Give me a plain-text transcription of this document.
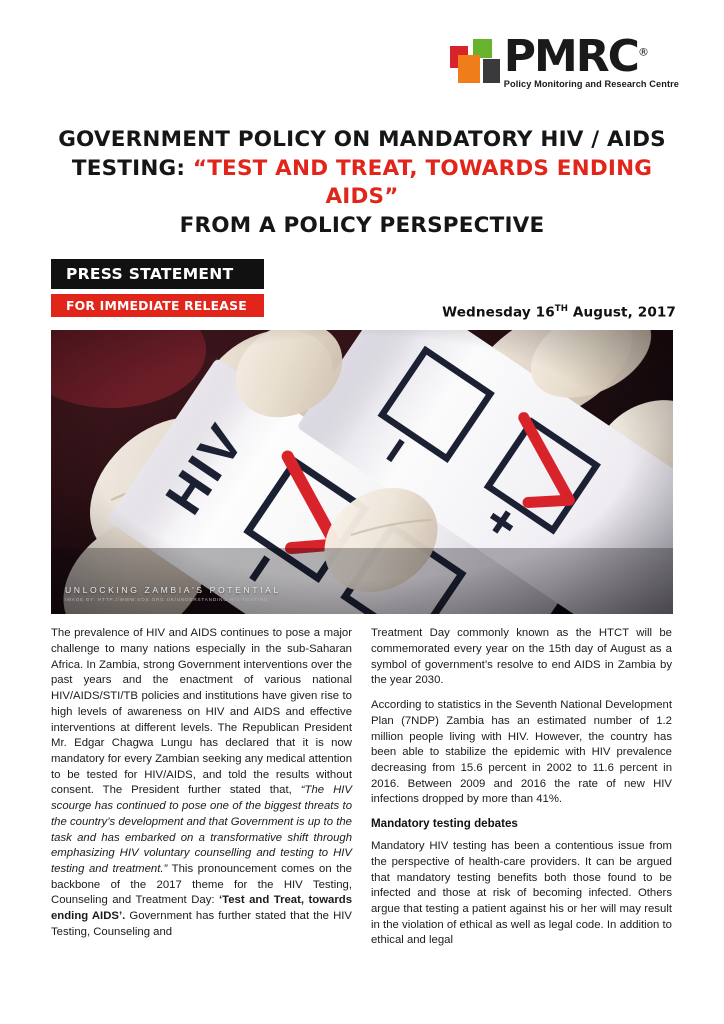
PMRC®
Policy Monitoring and Research Centre
GOVERNMENT POLICY ON MANDATORY HIV / AIDS
TESTING: “TEST AND TREAT, TOWARDS ENDING AIDS”
FROM A POLICY PERSPECTIVE
PRESS STATEMENT
FOR IMMEDIATE RELEASE	Wednesday 16TH August, 2017
UNLOCKING ZAMBIA'S POTENTIAL
IMAGE BY: HTTP://WWW.SOS.ORG.UK/UNDERSTANDING-HIV-TESTING

The prevalence of HIV and AIDS continues to pose a major challenge to many nations especially in the sub-Saharan Africa. In Zambia, strong Government interventions over the past years and the enactment of various national HIV/AIDS/STI/TB policies and institutions have given rise to high levels of awareness on HIV and AIDS and effective interventions at different levels. The Republican President Mr. Edgar Chagwa Lungu has declared that it is now mandatory for every Zambian seeking any medical attention to be tested for HIV/AIDS, and told the results without consent. The President further stated that, “The HIV scourge has continued to pose one of the biggest threats to the country’s development and that Government is up to the task and has embarked on a transformative shift through emphasizing HIV voluntary counselling and testing to HIV testing and treatment.” This pronouncement comes on the backbone of the 2017 theme for the HIV Testing, Counseling and Treatment Day: ‘Test and Treat, towards ending AIDS’. Government has further stated that the HIV Testing, Counseling and

Treatment Day commonly known as the HTCT will be commemorated every year on the 15th day of August as a symbol of government’s resolve to end AIDS in Zambia by the year 2030.

According to statistics in the Seventh National Development Plan (7NDP) Zambia has an estimated number of 1.2 million people living with HIV. However, the country has been able to stabilize the epidemic with HIV prevalence decreasing from 15.6 percent in 2002 to 11.6 percent in 2016. Between 2009 and 2016 the rate of new HIV infections dropped by more than 41%.

Mandatory testing debates

Mandatory HIV testing has been a contentious issue from the perspective of health-care providers. It can be argued that mandatory testing benefits both those found to be infected and those at risk of becoming infected. Others argue that testing a patient against his or her will may result in the violation of ethical as well as legal code. In addition to ethical and legal
